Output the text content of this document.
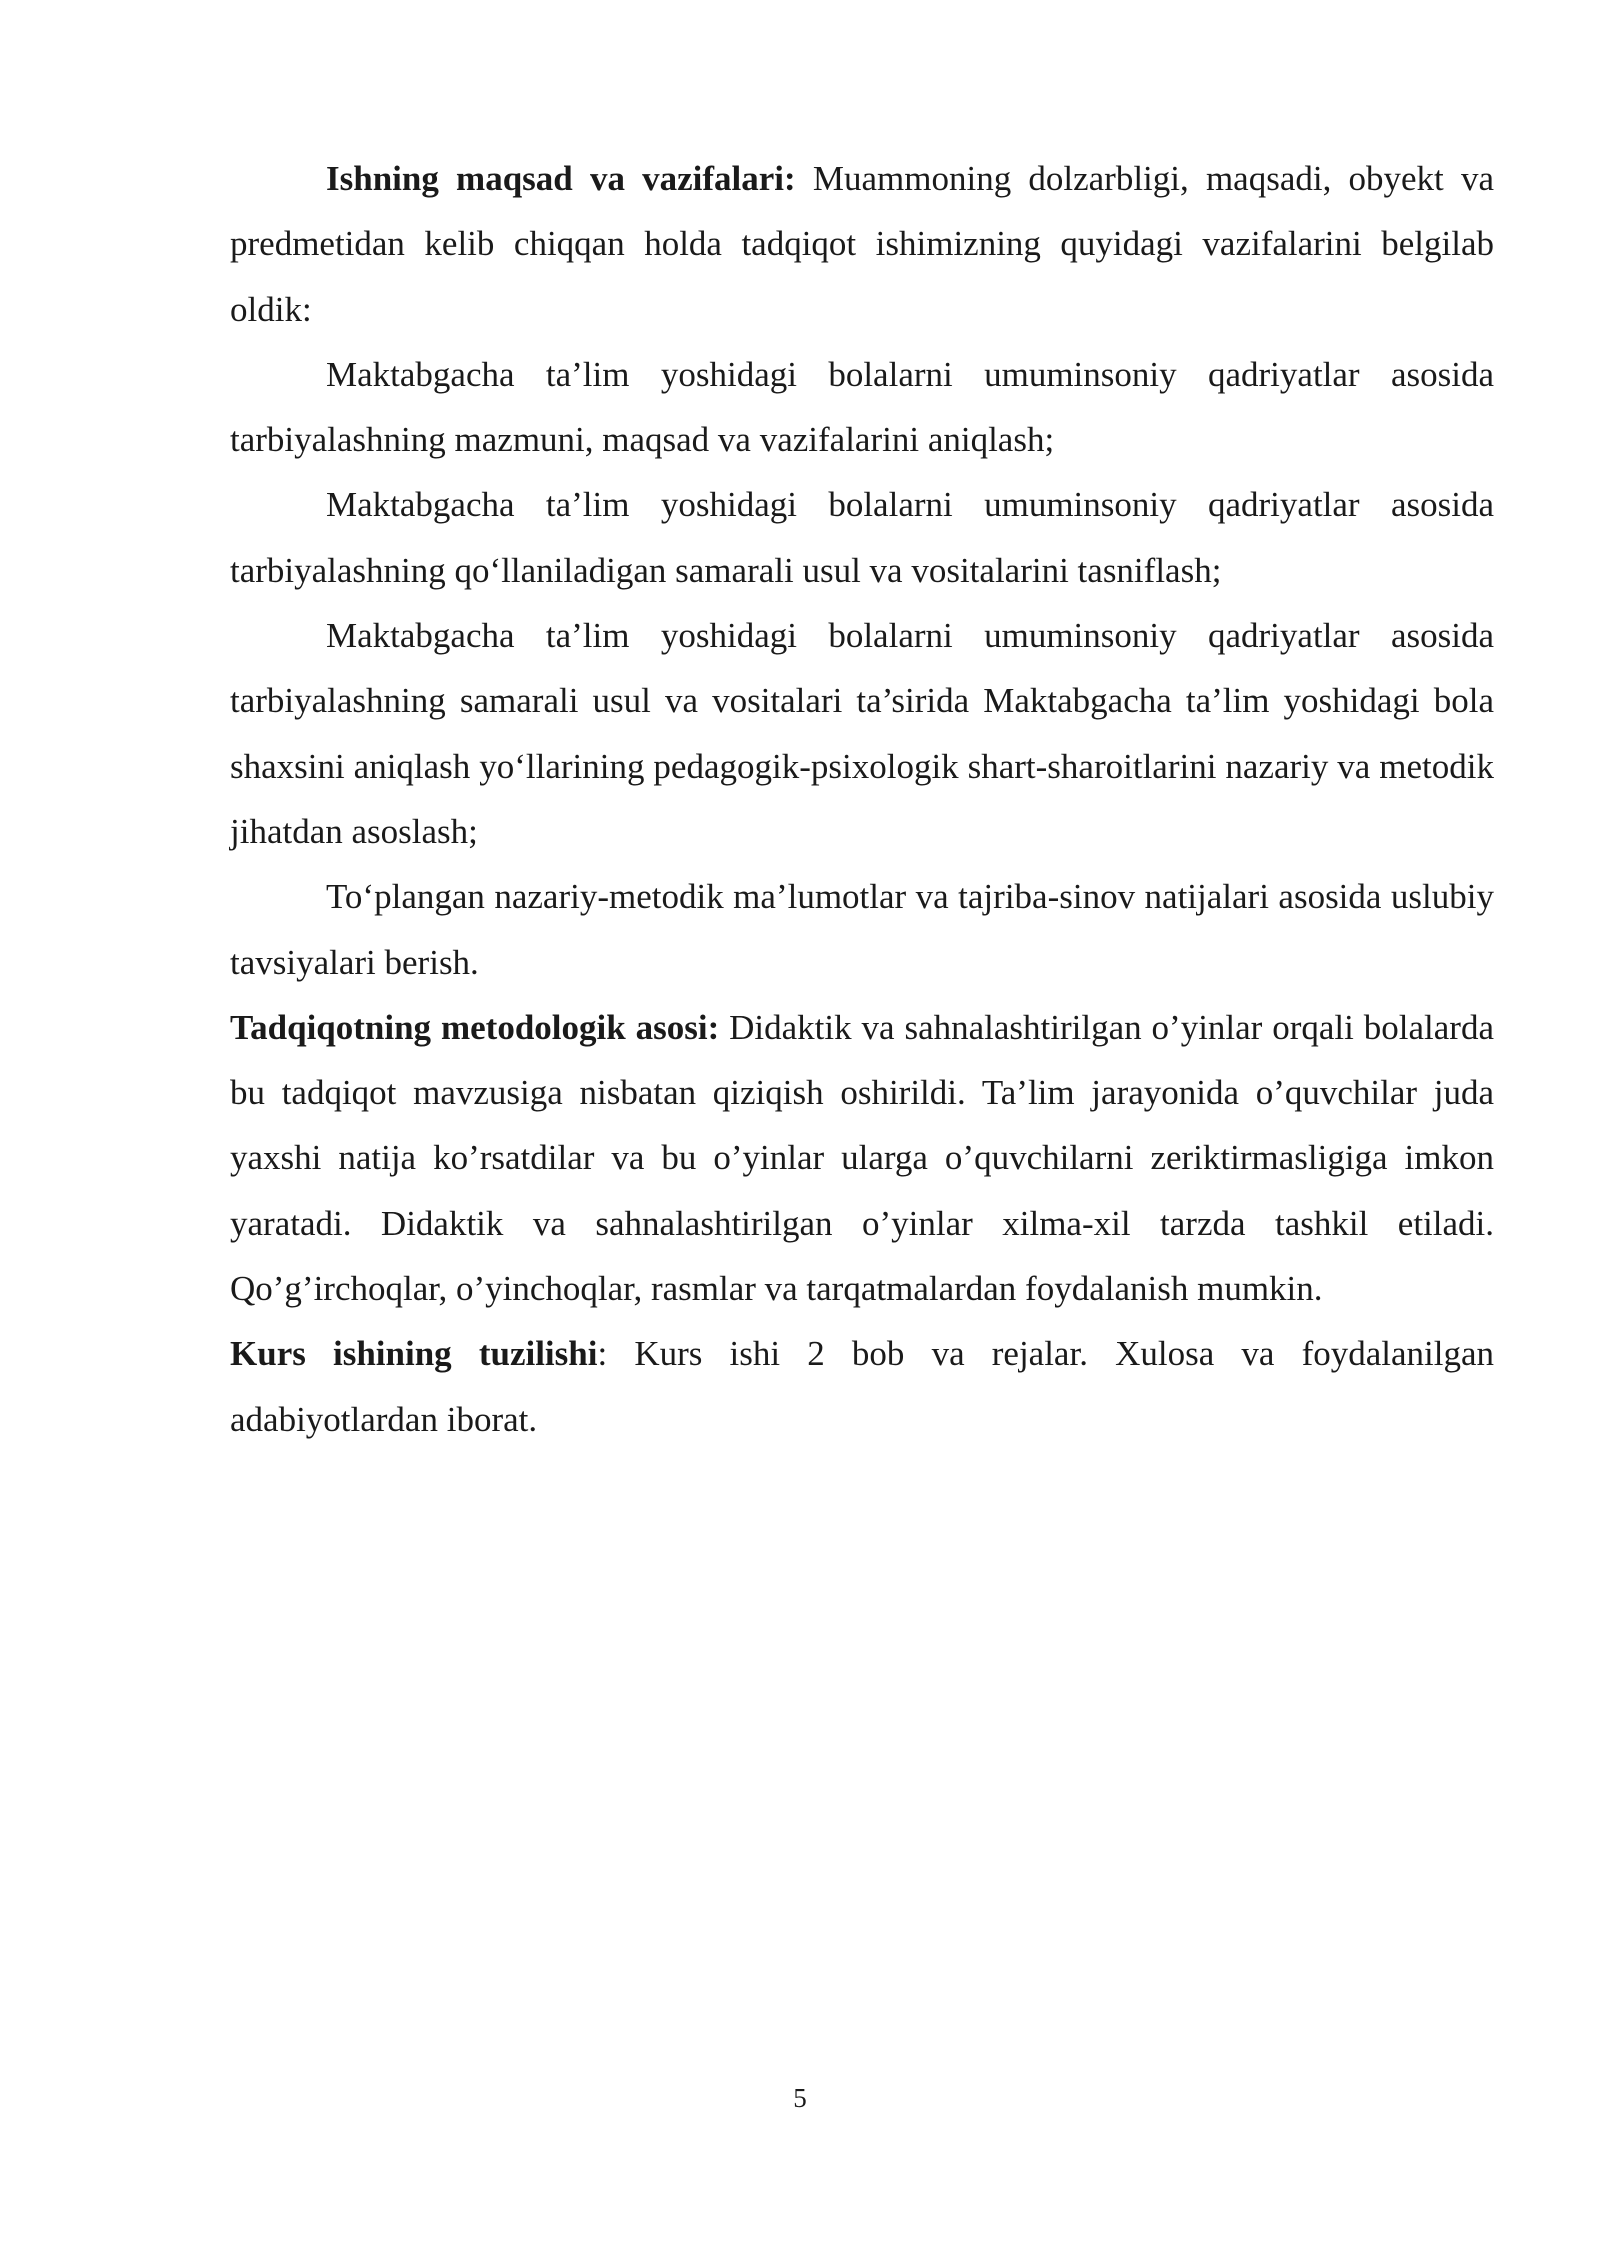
Ishning maqsad va vazifalari: Muammoning dolzarbligi, maqsadi, obyekt va predmetidan kelib chiqqan holda tadqiqot ishimizning quyidagi vazifalarini belgilab oldik:

Maktabgacha ta’lim yoshidagi bolalarni umuminsoniy qadriyatlar asosida tarbiyalashning mazmuni, maqsad va vazifalarini aniqlash;

Maktabgacha ta’lim yoshidagi bolalarni umuminsoniy qadriyatlar asosida tarbiyalashning qo‘llaniladigan samarali usul va vositalarini tasniflash;

Maktabgacha ta’lim yoshidagi bolalarni umuminsoniy qadriyatlar asosida tarbiyalashning samarali usul va vositalari ta’sirida Maktabgacha ta’lim yoshidagi bola shaxsini aniqlash yo‘llarining pedagogik-psixologik shart-sharoitlarini nazariy va metodik jihatdan asoslash;

To‘plangan nazariy-metodik ma’lumotlar va tajriba-sinov natijalari asosida uslubiy tavsiyalari berish.

Tadqiqotning metodologik asosi: Didaktik va sahnalashtirilgan o’yinlar orqali bolalarda bu tadqiqot mavzusiga nisbatan qiziqish oshirildi. Ta’lim jarayonida o’quvchilar juda yaxshi natija ko’rsatdilar va bu o’yinlar ularga o’quvchilarni zeriktirmasligiga imkon yaratadi. Didaktik va sahnalashtirilgan o’yinlar xilma-xil tarzda tashkil etiladi. Qo’g’irchoqlar, o’yinchoqlar, rasmlar va tarqatmalardan foydalanish mumkin.

Kurs ishining tuzilishi: Kurs ishi 2 bob va rejalar. Xulosa va foydalanilgan adabiyotlardan iborat.

5
